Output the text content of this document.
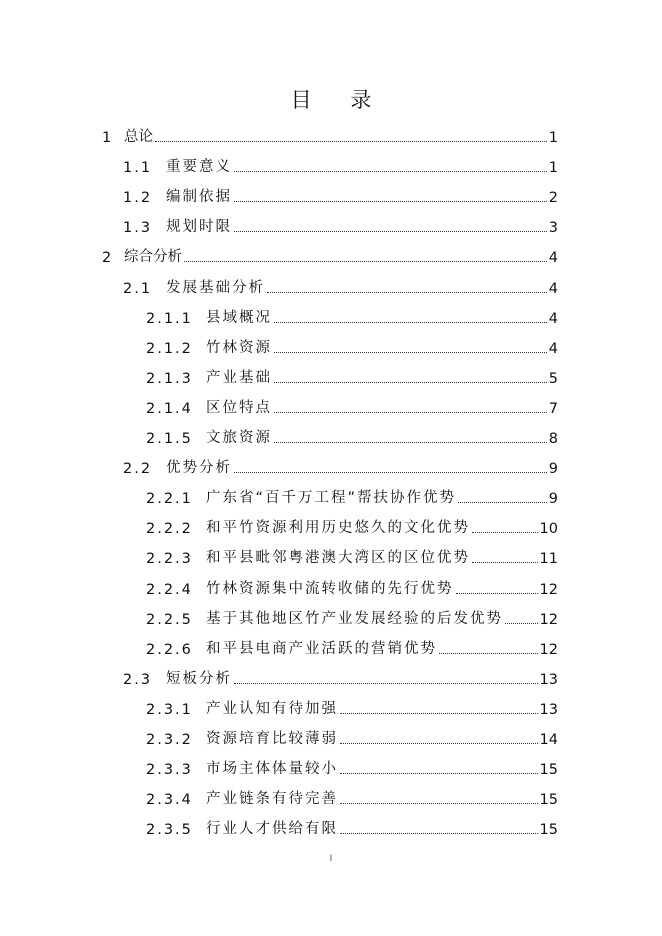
目 录
1 总论	1
1.1 重要意义	1
1.2 编制依据	2
1.3 规划时限	3
2 综合分析	4
2.1 发展基础分析	4
2.1.1 县域概况	4
2.1.2 竹林资源	4
2.1.3 产业基础	5
2.1.4 区位特点	7
2.1.5 文旅资源	8
2.2 优势分析	9
2.2.1 广东省“百千万工程”帮扶协作优势	9
2.2.2 和平竹资源利用历史悠久的文化优势	10
2.2.3 和平县毗邻粤港澳大湾区的区位优势	11
2.2.4 竹林资源集中流转收储的先行优势	12
2.2.5 基于其他地区竹产业发展经验的后发优势	12
2.2.6 和平县电商产业活跃的营销优势	12
2.3 短板分析	13
2.3.1 产业认知有待加强	13
2.3.2 资源培育比较薄弱	14
2.3.3 市场主体体量较小	15
2.3.4 产业链条有待完善	15
2.3.5 行业人才供给有限	15
I
